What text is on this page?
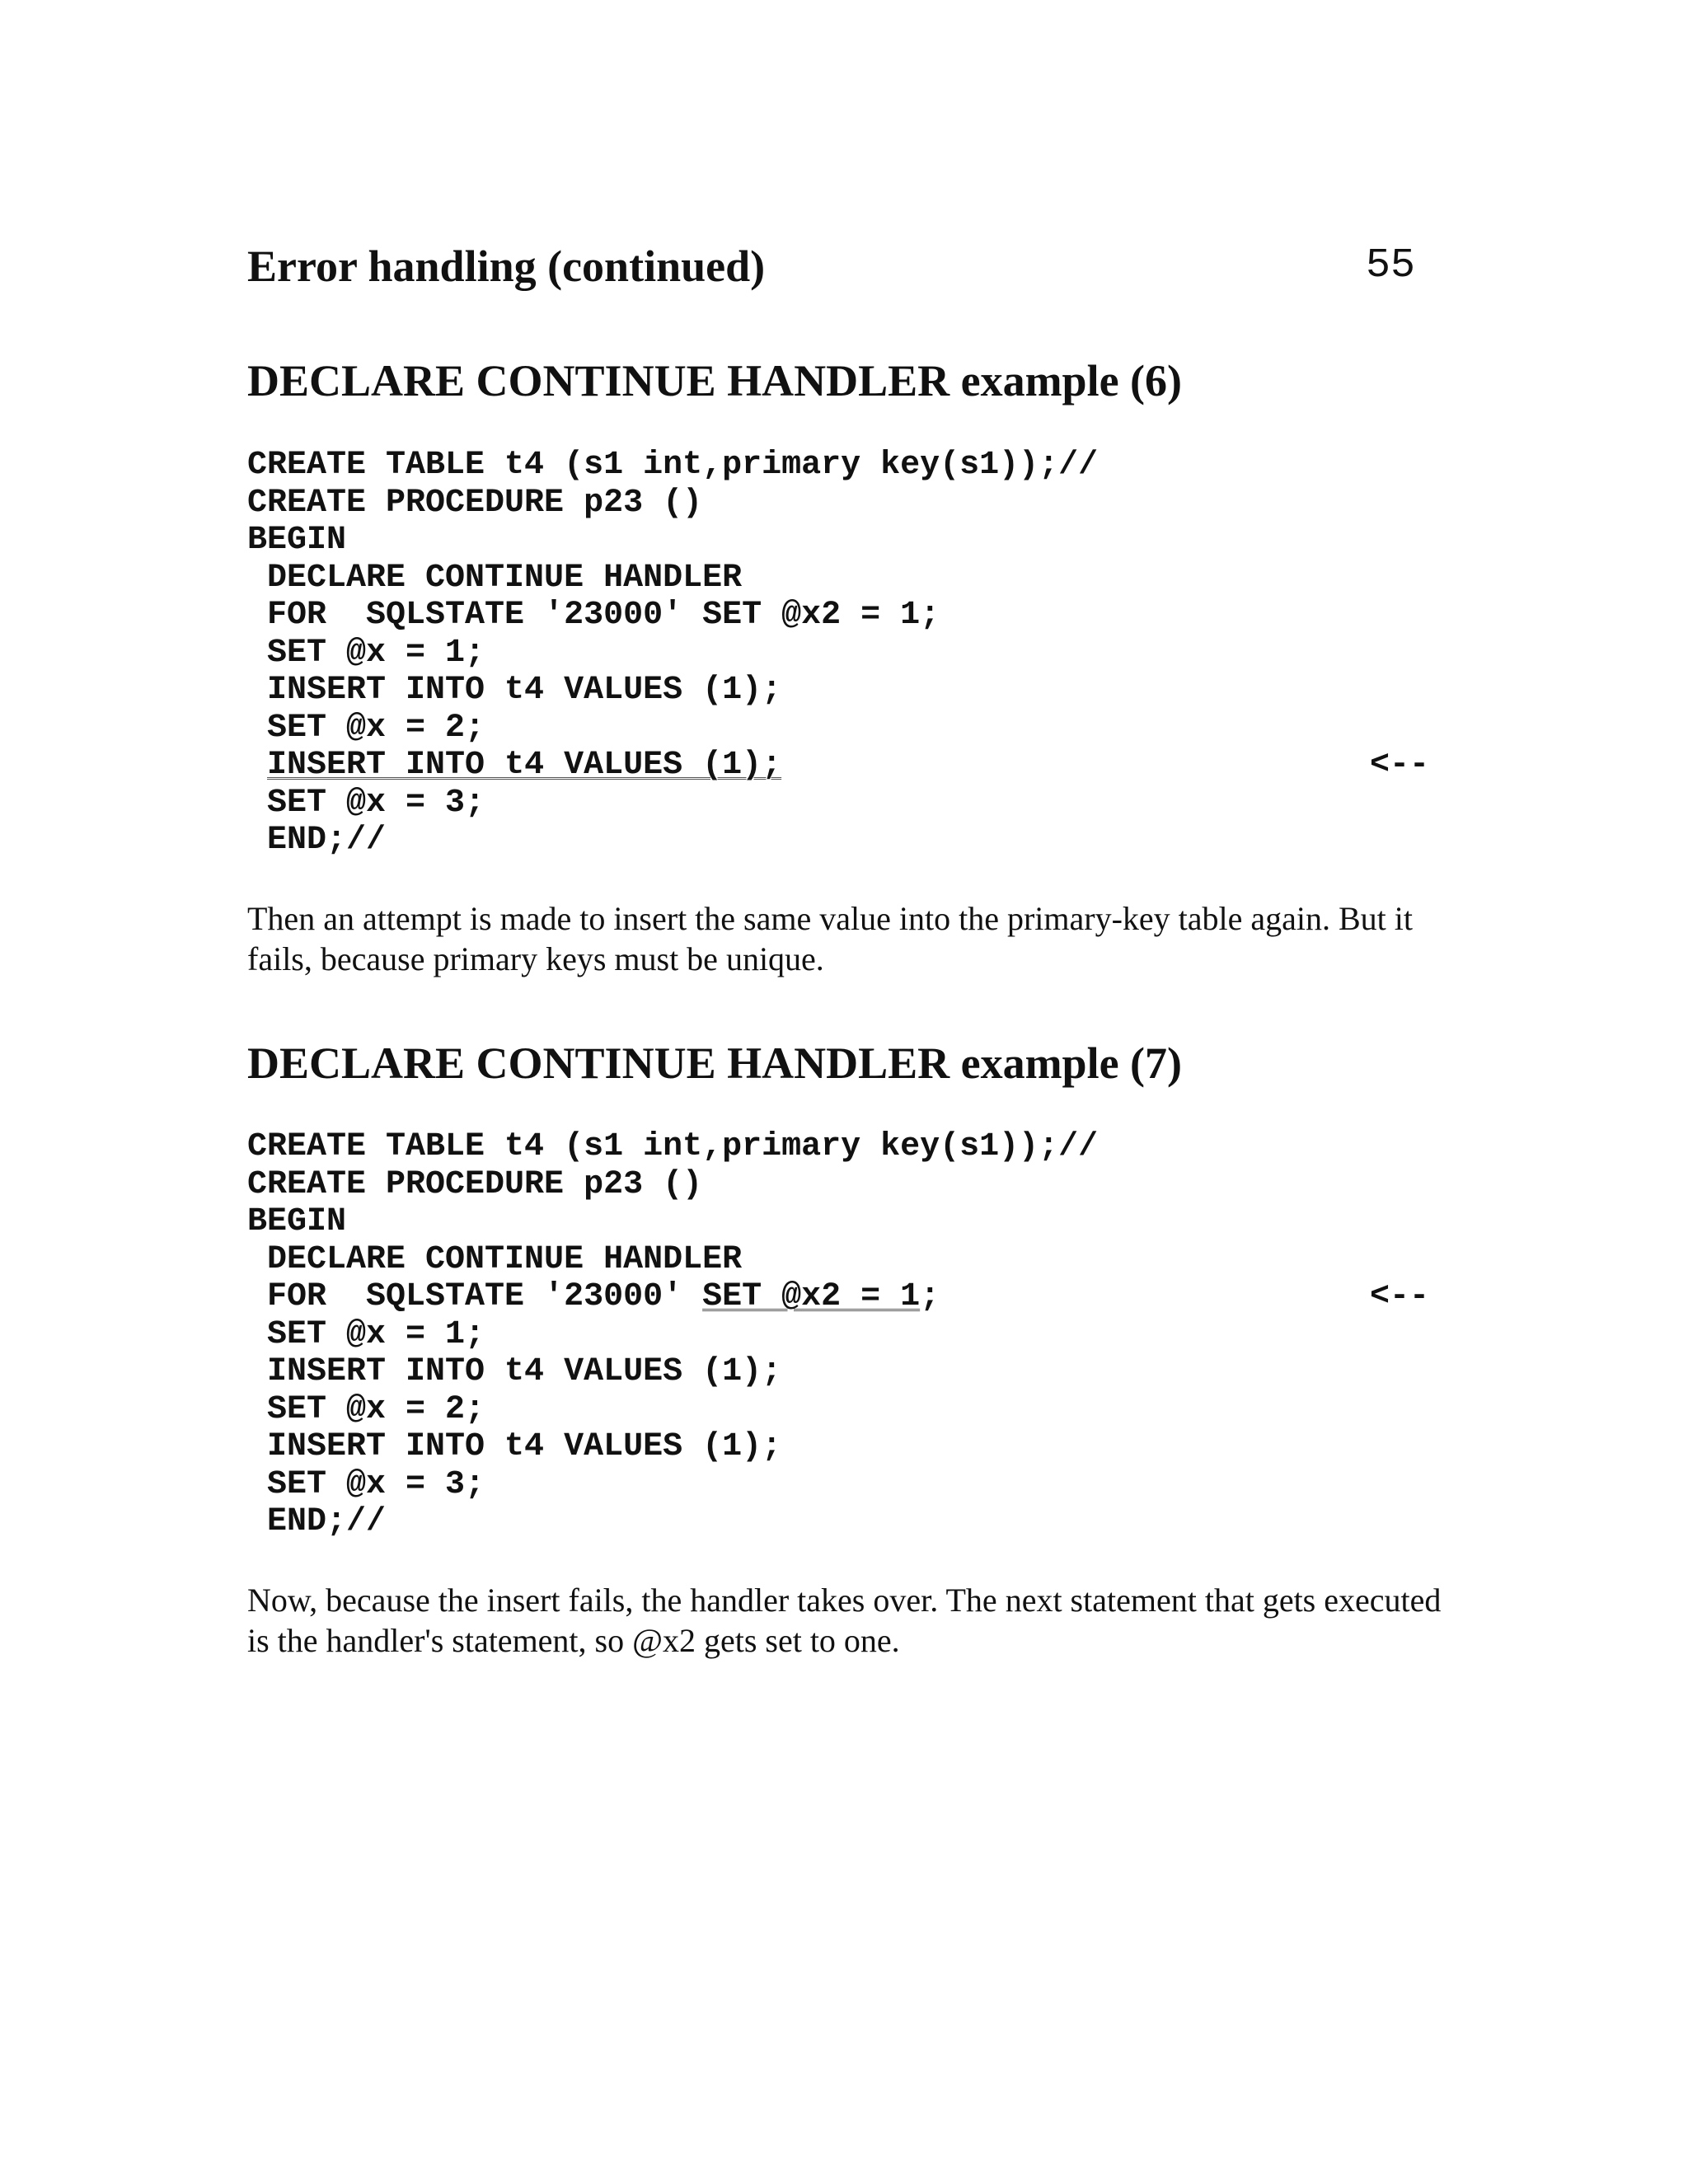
Error handling (continued)	55
DECLARE CONTINUE HANDLER example (6)
CREATE TABLE t4 (s1 int,primary key(s1));//
CREATE PROCEDURE p23 ()
BEGIN
DECLARE CONTINUE HANDLER
FOR  SQLSTATE '23000' SET @x2 = 1;
SET @x = 1;
INSERT INTO t4 VALUES (1);
SET @x = 2;
INSERT INTO t4 VALUES (1);	<--
SET @x = 3;
END;//

Then an attempt is made to insert the same value into the primary-key table again. But it fails, because primary keys must be unique.

DECLARE CONTINUE HANDLER example (7)
CREATE TABLE t4 (s1 int,primary key(s1));//
CREATE PROCEDURE p23 ()
BEGIN
DECLARE CONTINUE HANDLER
FOR  SQLSTATE '23000' SET @x2 = 1;	<--
SET @x = 1;
INSERT INTO t4 VALUES (1);
SET @x = 2;
INSERT INTO t4 VALUES (1);
SET @x = 3;
END;//

Now, because the insert fails, the handler takes over. The next statement that gets executed is the handler's statement, so @x2 gets set to one.
